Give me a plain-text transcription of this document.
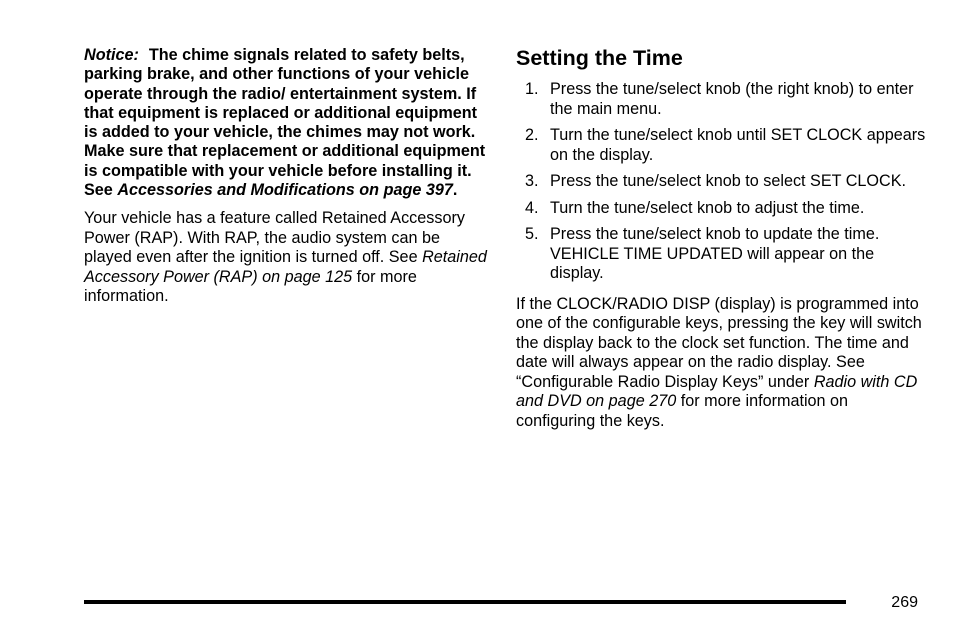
Notice: The chime signals related to safety belts, parking brake, and other functions of your vehicle operate through the radio/ entertainment system. If that equipment is replaced or additional equipment is added to your vehicle, the chimes may not work. Make sure that replacement or additional equipment is compatible with your vehicle before installing it. See Accessories and Modifications on page 397.

Your vehicle has a feature called Retained Accessory Power (RAP). With RAP, the audio system can be played even after the ignition is turned off. See Retained Accessory Power (RAP) on page 125 for more information.

Setting the Time
1. Press the tune/select knob (the right knob) to enter the main menu.
2. Turn the tune/select knob until SET CLOCK appears on the display.
3. Press the tune/select knob to select SET CLOCK.
4. Turn the tune/select knob to adjust the time.
5. Press the tune/select knob to update the time. VEHICLE TIME UPDATED will appear on the display.

If the CLOCK/RADIO DISP (display) is programmed into one of the configurable keys, pressing the key will switch the display back to the clock set function. The time and date will always appear on the radio display. See “Configurable Radio Display Keys” under Radio with CD and DVD on page 270 for more information on configuring the keys.

269
